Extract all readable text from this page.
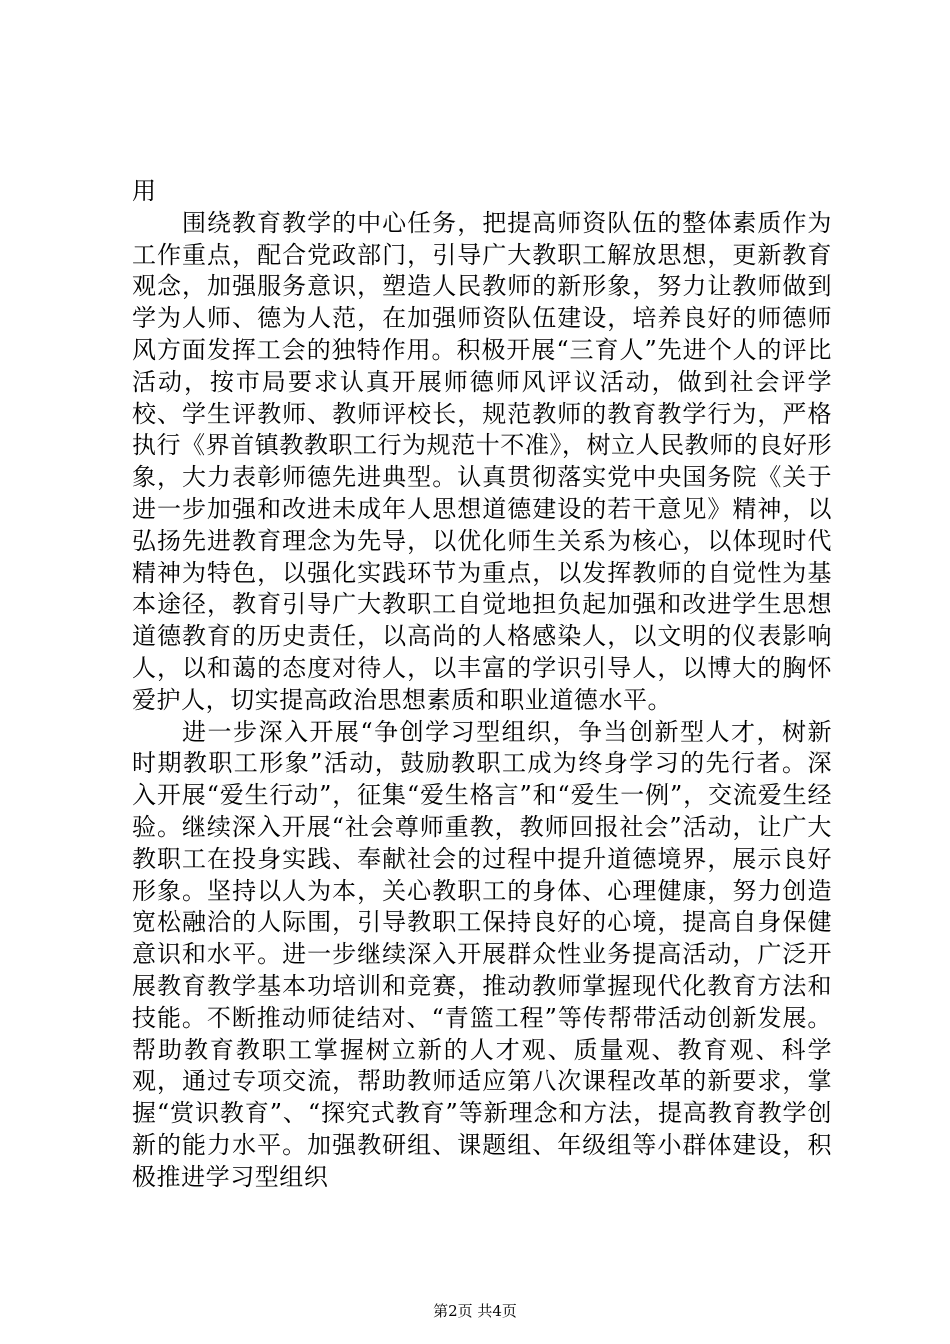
用

围绕教育教学的中心任务，把提高师资队伍的整体素质作为工作重点，配合党政部门，引导广大教职工解放思想，更新教育观念，加强服务意识，塑造人民教师的新形象，努力让教师做到学为人师、德为人范，在加强师资队伍建设，培养良好的师德师风方面发挥工会的独特作用。积极开展“三育人”先进个人的评比活动，按市局要求认真开展师德师风评议活动，做到社会评学校、学生评教师、教师评校长，规范教师的教育教学行为，严格执行《界首镇教教职工行为规范十不准》，树立人民教师的良好形象，大力表彰师德先进典型。认真贯彻落实党中央国务院《关于进一步加强和改进未成年人思想道德建设的若干意见》精神，以弘扬先进教育理念为先导，以优化师生关系为核心，以体现时代精神为特色，以强化实践环节为重点，以发挥教师的自觉性为基本途径，教育引导广大教职工自觉地担负起加强和改进学生思想道德教育的历史责任，以高尚的人格感染人，以文明的仪表影响人，以和蔼的态度对待人，以丰富的学识引导人，以博大的胸怀爱护人，切实提高政治思想素质和职业道德水平。

进一步深入开展“争创学习型组织，争当创新型人才，树新时期教职工形象”活动，鼓励教职工成为终身学习的先行者。深入开展“爱生行动”，征集“爱生格言”和“爱生一例”，交流爱生经验。继续深入开展“社会尊师重教，教师回报社会”活动，让广大教职工在投身实践、奉献社会的过程中提升道德境界，展示良好形象。坚持以人为本，关心教职工的身体、心理健康，努力创造宽松融洽的人际围，引导教职工保持良好的心境，提高自身保健意识和水平。进一步继续深入开展群众性业务提高活动，广泛开展教育教学基本功培训和竞赛，推动教师掌握现代化教育方法和技能。不断推动师徒结对、“青篮工程”等传帮带活动创新发展。帮助教育教职工掌握树立新的人才观、质量观、教育观、科学观，通过专项交流，帮助教师适应第八次课程改革的新要求，掌握“赏识教育”、“探究式教育”等新理念和方法，提高教育教学创新的能力水平。加强教研组、课题组、年级组等小群体建设，积极推进学习型组织

第2页 共4页
